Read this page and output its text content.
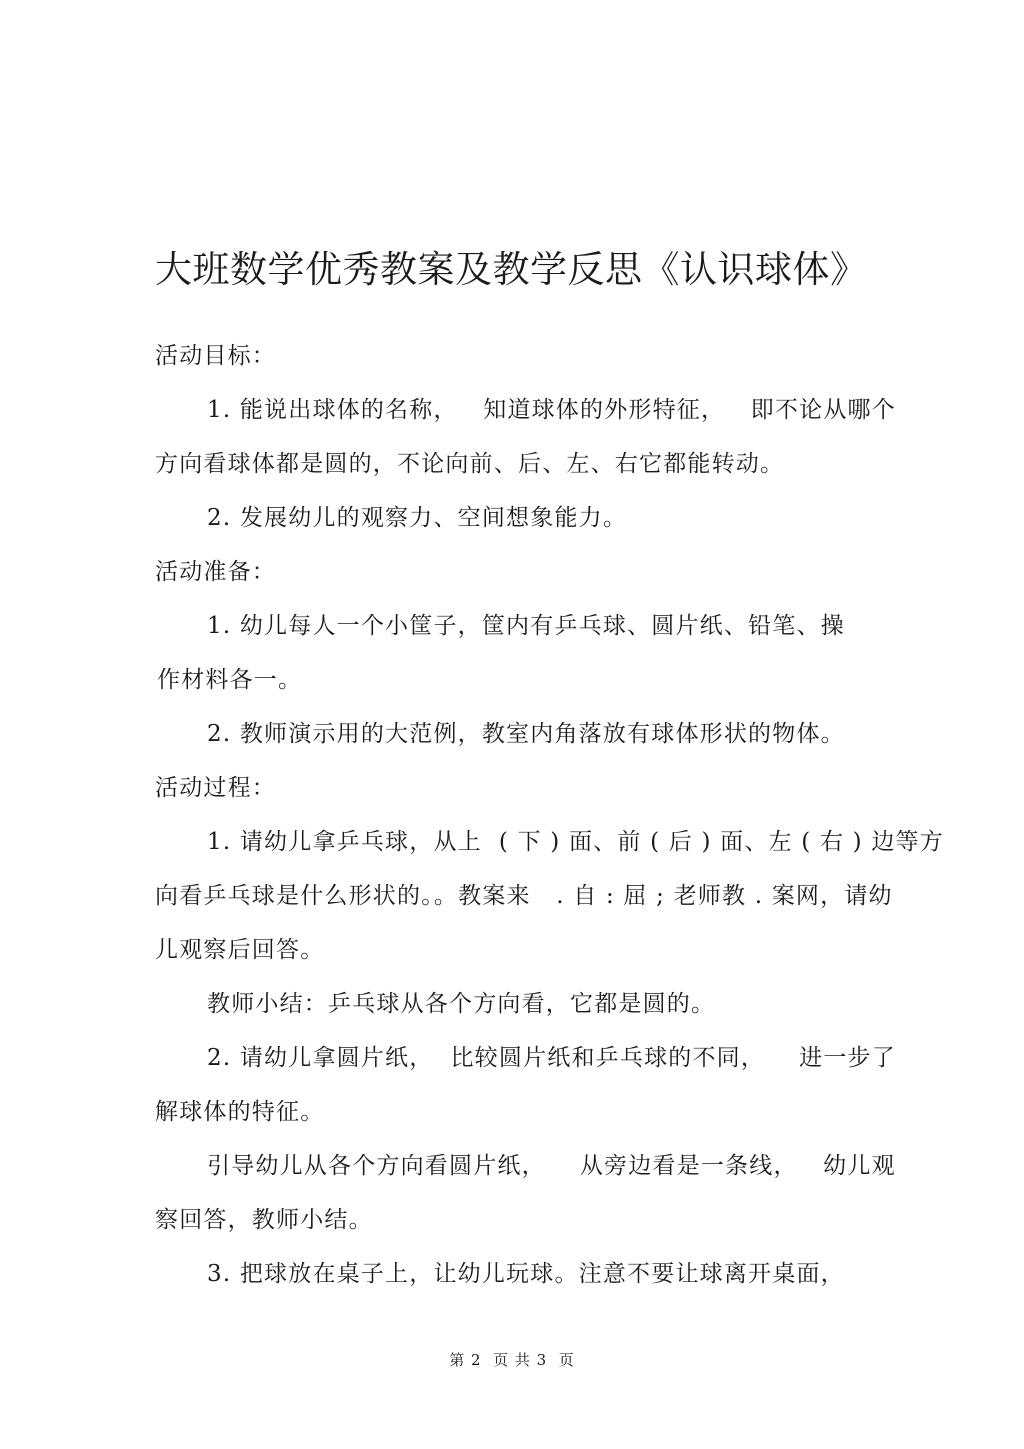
大班数学优秀教案及教学反思《认识球体》
活动目标：
1. 能说出球体的名称，   知道球体的外形特征，   即不论从哪个
方向看球体都是圆的，不论向前、后、左、右它都能转动。
2. 发展幼儿的观察力、空间想象能力。
活动准备：
1. 幼儿每人一个小筐子，筐内有乒乓球、圆片纸、铅笔、操
作材料各一。
2. 教师演示用的大范例，教室内角落放有球体形状的物体。
活动过程：
1. 请幼儿拿乒乓球，从上  ( 下 ) 面、前 ( 后 ) 面、左 ( 右 ) 边等方
向看乒乓球是什么形状的。。教案来   . 自 : 屈 ; 老师教 . 案网，请幼
儿观察后回答。
教师小结：乒乓球从各个方向看，它都是圆的。
2. 请幼儿拿圆片纸，  比较圆片纸和乒乓球的不同，    进一步了
解球体的特征。
引导幼儿从各个方向看圆片纸，    从旁边看是一条线，   幼儿观
察回答，教师小结。
3. 把球放在桌子上，让幼儿玩球。注意不要让球离开桌面，
第 2  页 共 3  页
